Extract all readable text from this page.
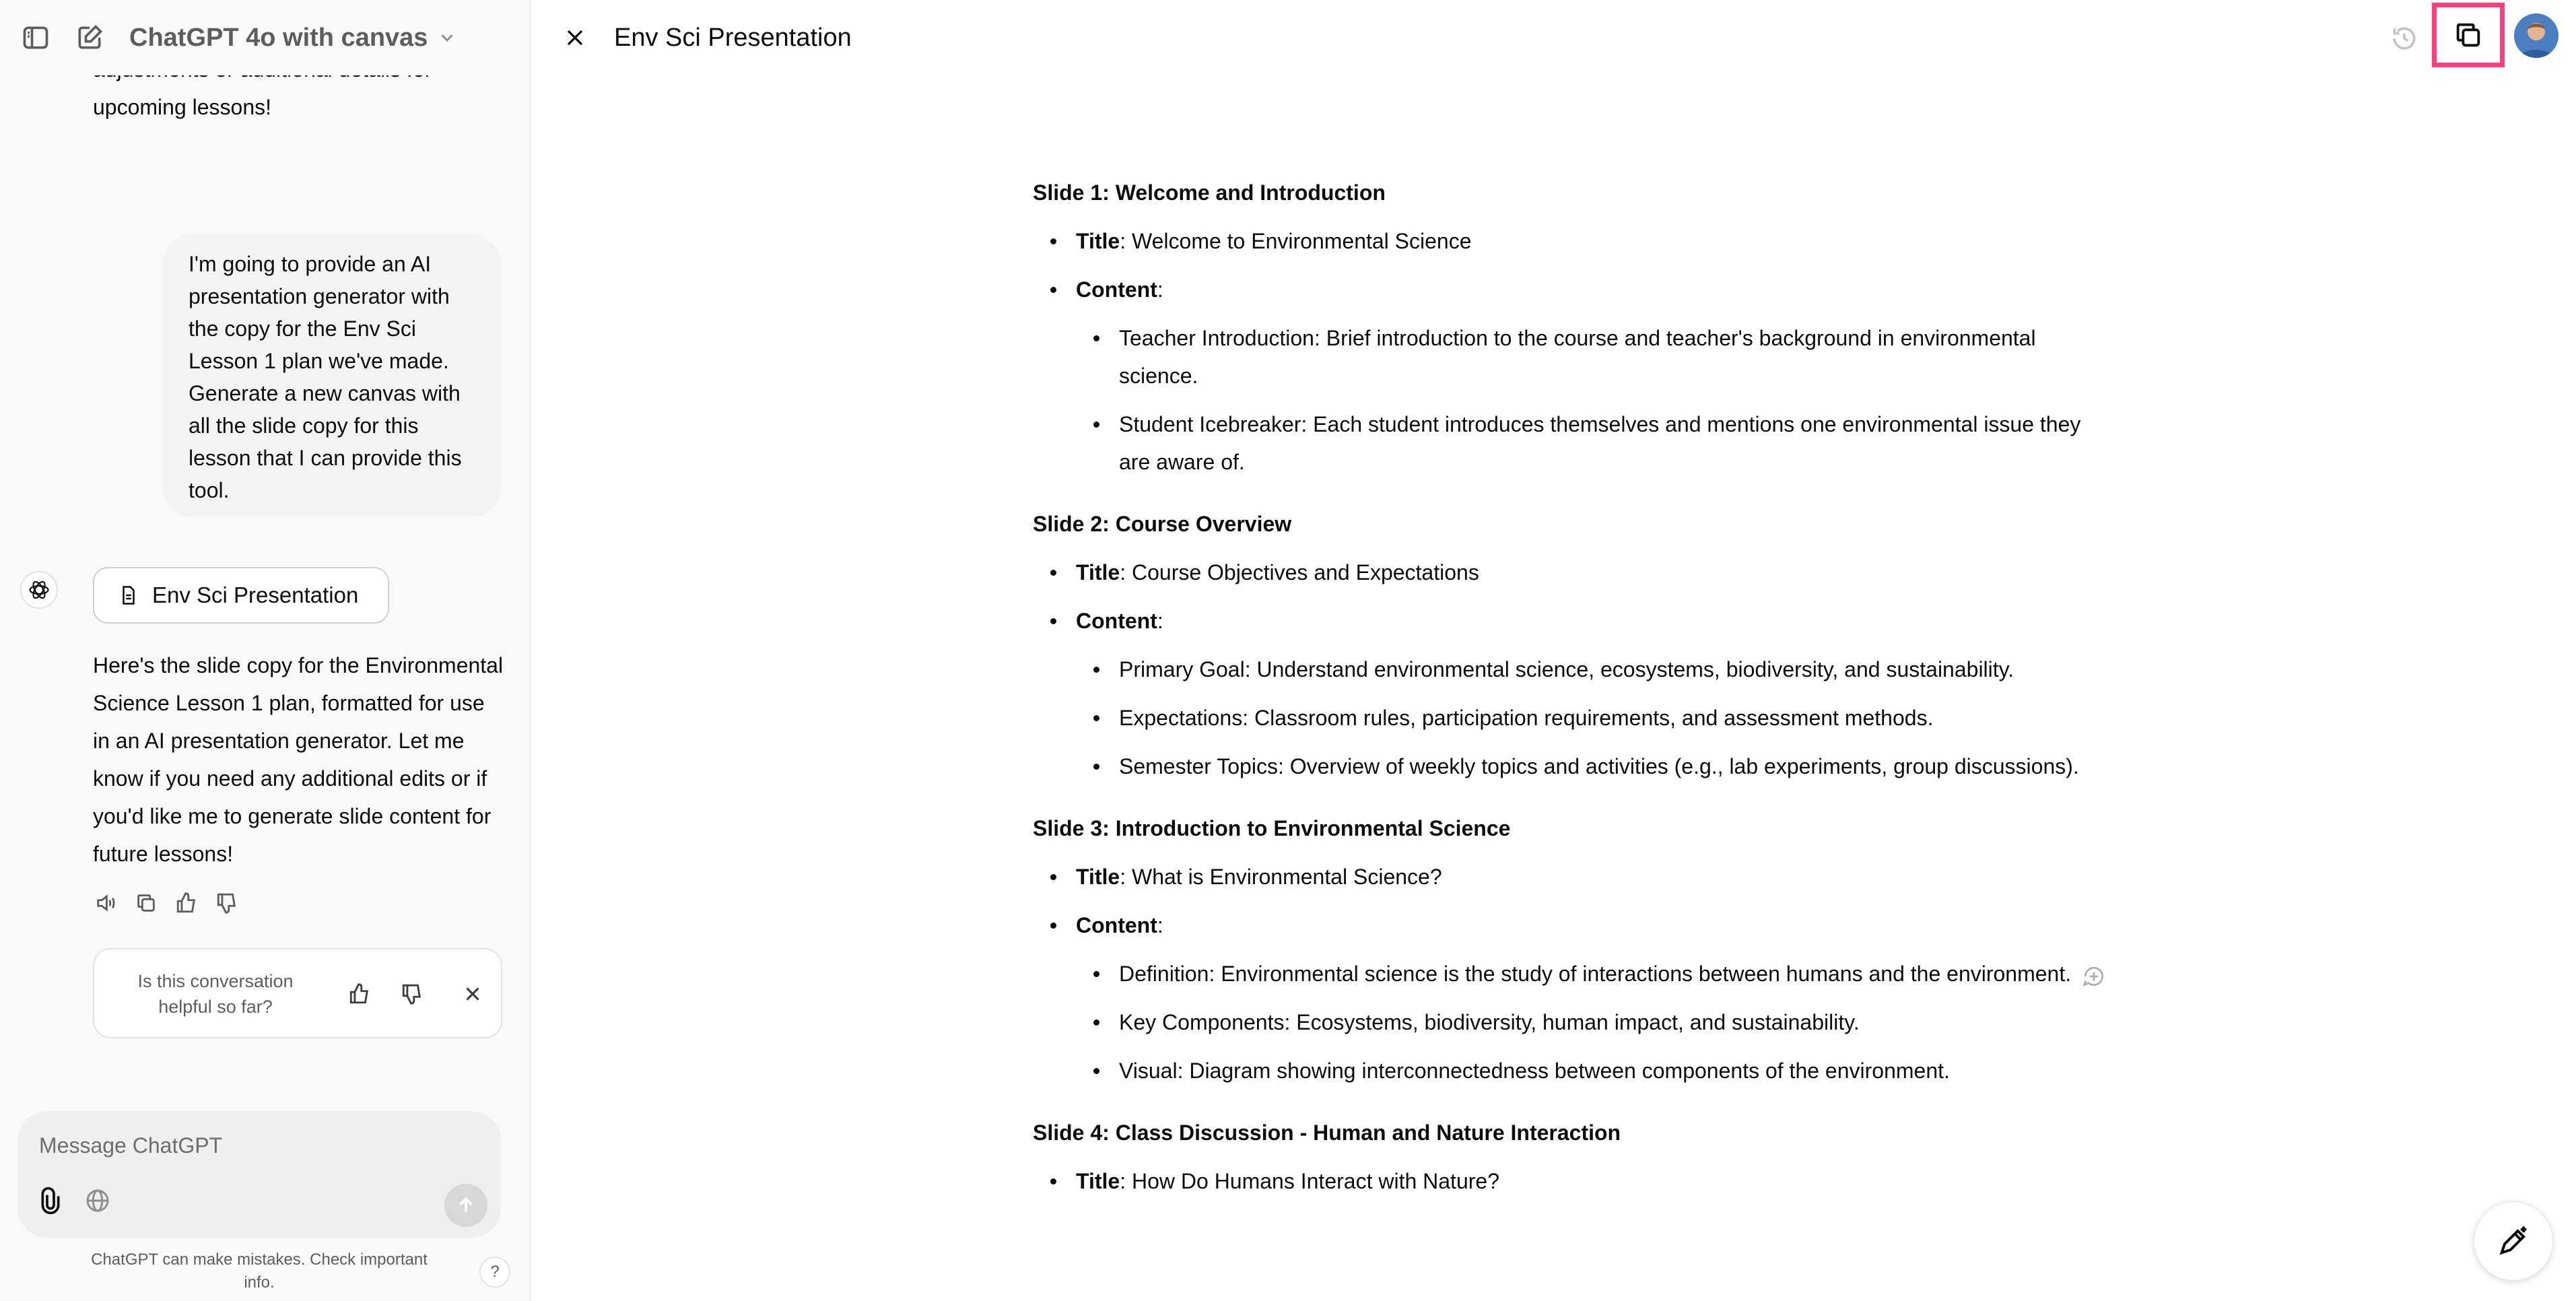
upcoming lessons!
I'm going to provide an AI presentation generator with the copy for the Env Sci Lesson 1 plan we've made. Generate a new canvas with all the slide copy for this lesson that I can provide this tool.
Env Sci Presentation
Here's the slide copy for the Environmental Science Lesson 1 plan, formatted for use in an AI presentation generator. Let me know if you need any additional edits or if you'd like me to generate slide content for future lessons!
Is this conversation helpful so far?
ChatGPT 4o with canvas
Message ChatGPT
ChatGPT can make mistakes. Check important info.
?
Env Sci Presentation
Slide 1: Welcome and Introduction
Title: Welcome to Environmental Science
Content:
Teacher Introduction: Brief introduction to the course and teacher's background in environmental science.
Student Icebreaker: Each student introduces themselves and mentions one environmental issue they are aware of.
Slide 2: Course Overview
Title: Course Objectives and Expectations
Content:
Primary Goal: Understand environmental science, ecosystems, biodiversity, and sustainability.
Expectations: Classroom rules, participation requirements, and assessment methods.
Semester Topics: Overview of weekly topics and activities (e.g., lab experiments, group discussions).
Slide 3: Introduction to Environmental Science
Title: What is Environmental Science?
Content:
Definition: Environmental science is the study of interactions between humans and the environment.
Key Components: Ecosystems, biodiversity, human impact, and sustainability.
Visual: Diagram showing interconnectedness between components of the environment.
Slide 4: Class Discussion - Human and Nature Interaction
Title: How Do Humans Interact with Nature?
